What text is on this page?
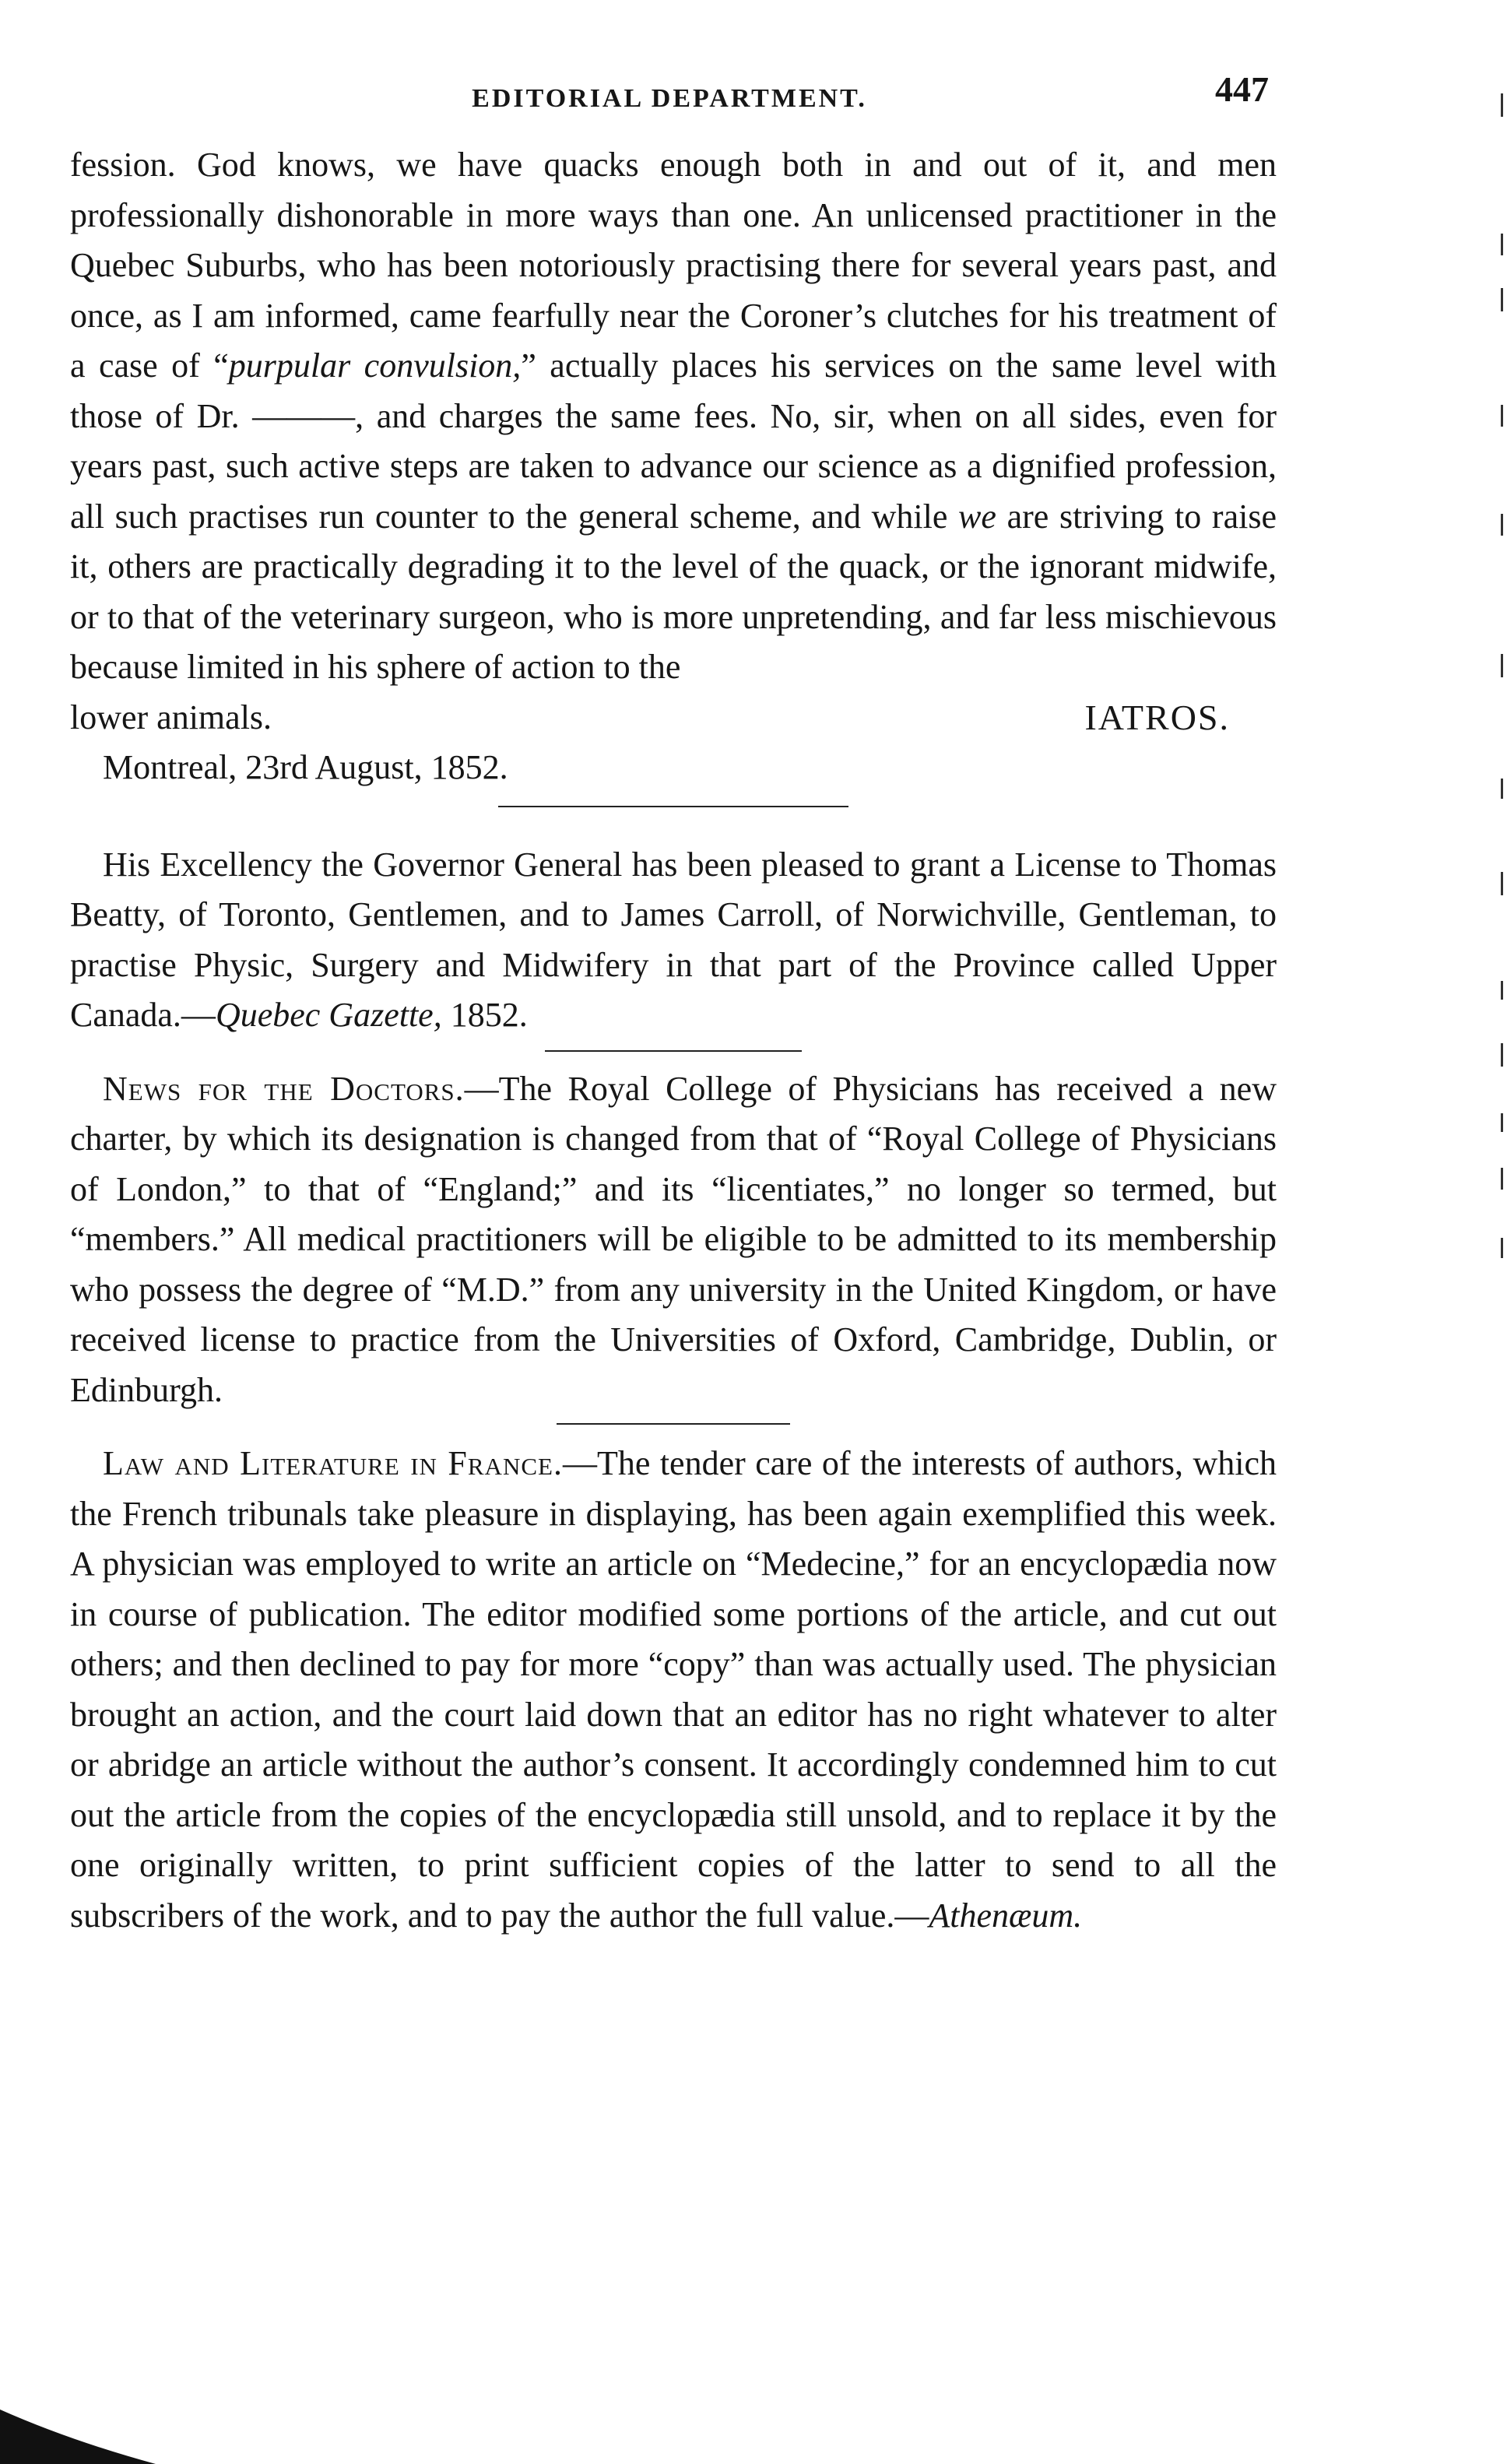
EDITORIAL DEPARTMENT.	447

fession. God knows, we have quacks enough both in and out of it, and men professionally dishonorable in more ways than one. An unlicensed practitioner in the Quebec Suburbs, who has been notoriously practising there for several years past, and once, as I am informed, came fearfully near the Coroner’s clutches for his treatment of a case of “purpular convulsion,” actually places his services on the same level with those of Dr. ———, and charges the same fees. No, sir, when on all sides, even for years past, such active steps are taken to advance our science as a dignified profession, all such practises run counter to the general scheme, and while we are striving to raise it, others are practically degrading it to the level of the quack, or the ignorant midwife, or to that of the veterinary surgeon, who is more unpretending, and far less mischievous because limited in his sphere of action to the

lower animals.	IATROS.

Montreal, 23rd August, 1852.

His Excellency the Governor General has been pleased to grant a License to Thomas Beatty, of Toronto, Gentlemen, and to James Carroll, of Norwichville, Gentleman, to practise Physic, Surgery and Midwifery in that part of the Province called Upper Canada.—Quebec Gazette, 1852.

News for the Doctors.—The Royal College of Physicians has received a new charter, by which its designation is changed from that of “Royal College of Physicians of London,” to that of “England;” and its “licentiates,” no longer so termed, but “members.” All medical practitioners will be eligible to be admitted to its membership who possess the degree of “M.D.” from any university in the United Kingdom, or have received license to practice from the Universities of Oxford, Cambridge, Dublin, or Edinburgh.

Law and Literature in France.—The tender care of the interests of authors, which the French tribunals take pleasure in displaying, has been again exemplified this week. A physician was employed to write an article on “Medecine,” for an encyclopædia now in course of publication. The editor modified some portions of the article, and cut out others; and then declined to pay for more “copy” than was actually used. The physician brought an action, and the court laid down that an editor has no right whatever to alter or abridge an article without the author’s consent. It accordingly condemned him to cut out the article from the copies of the encyclopædia still unsold, and to replace it by the one originally written, to print sufficient copies of the latter to send to all the subscribers of the work, and to pay the author the full value.—Athenæum.
